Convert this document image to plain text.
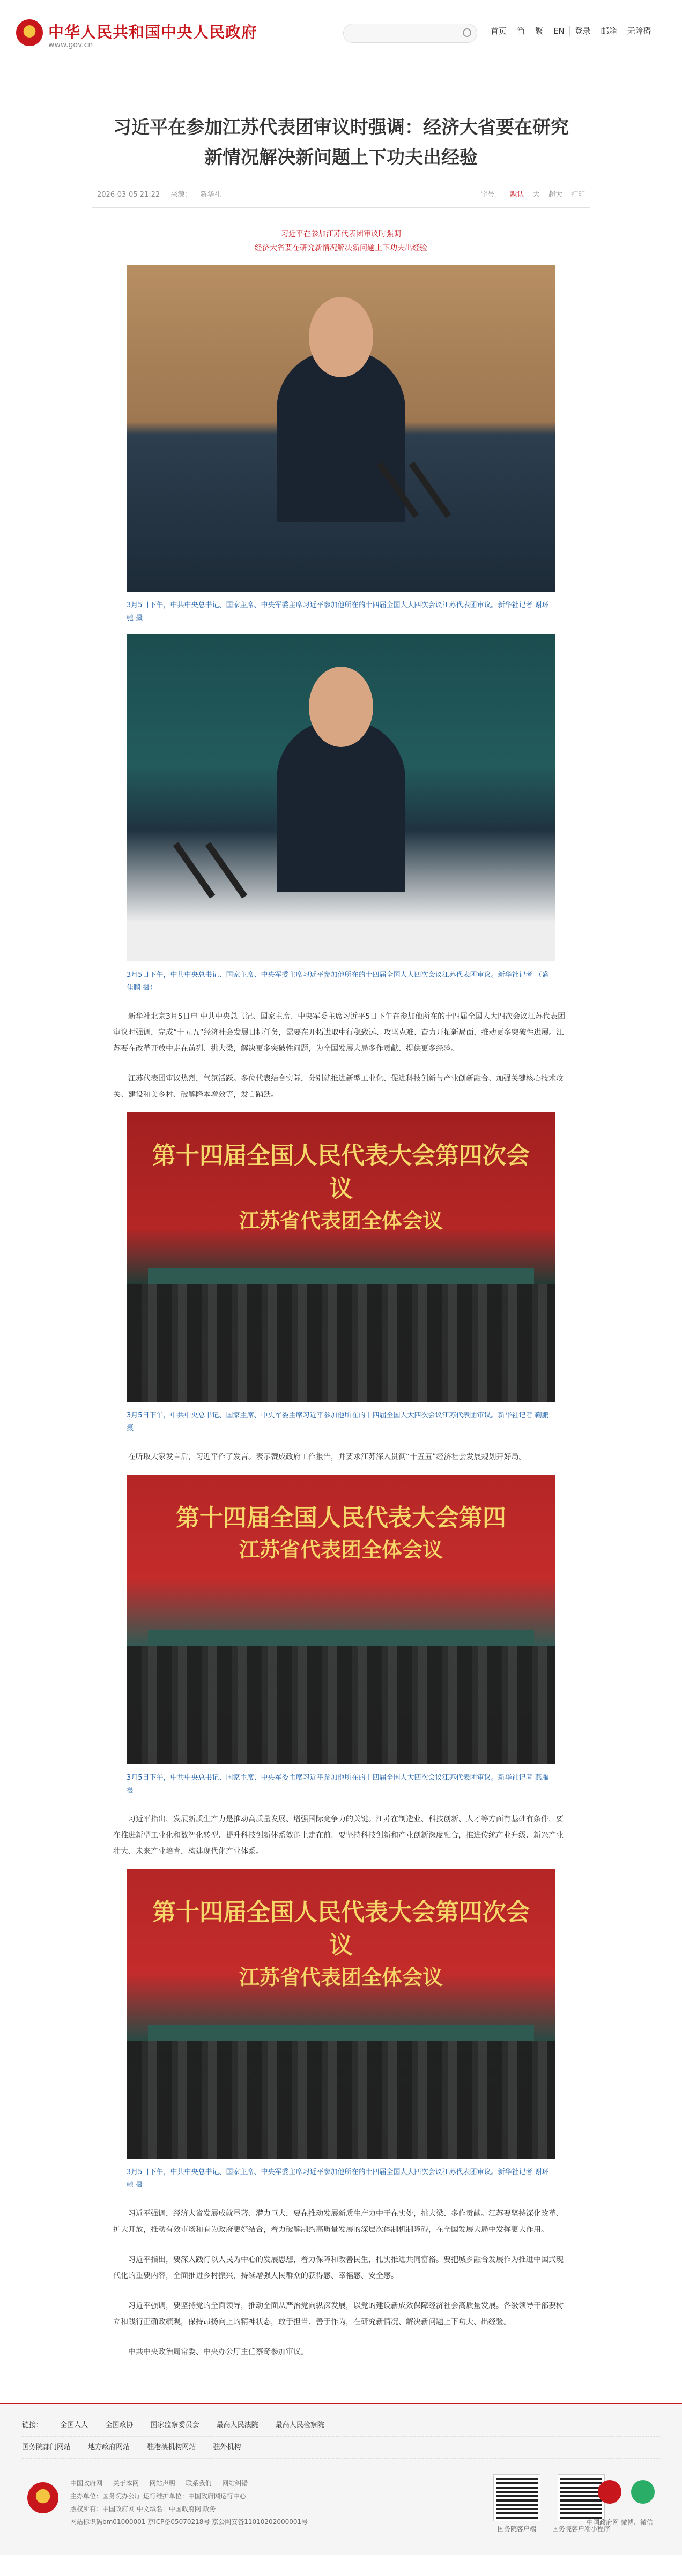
中华人民共和国中央人民政府
www.gov.cn
首页	简	繁	EN	登录	邮箱	无障碍
习近平在参加江苏代表团审议时强调：经济大省要在研究新情况解决新问题上下功夫出经验
2026-03-05 21:22 来源： 新华社	字号： 默认 大 超大 打印
习近平在参加江苏代表团审议时强调
经济大省要在研究新情况解决新问题上下功夫出经验
3月5日下午，中共中央总书记、国家主席、中央军委主席习近平参加他所在的十四届全国人大四次会议江苏代表团审议。新华社记者 谢环驰 摄
3月5日下午，中共中央总书记、国家主席、中央军委主席习近平参加他所在的十四届全国人大四次会议江苏代表团审议。新华社记者 （盛佳鹏 摄）

新华社北京3月5日电 中共中央总书记、国家主席、中央军委主席习近平5日下午在参加他所在的十四届全国人大四次会议江苏代表团审议时强调，完成“十五五”经济社会发展目标任务，需要在开拓进取中行稳致远、攻坚克难、奋力开拓新局面，推动更多突破性进展。江苏要在改革开放中走在前列、挑大梁，解决更多突破性问题，为全国发展大局多作贡献、提供更多经验。

江苏代表团审议热烈，气氛活跃。多位代表结合实际，分别就推进新型工业化、促进科技创新与产业创新融合、加强关键核心技术攻关、建设和美乡村、破解降本增效等，发言踊跃。

第十四届全国人民代表大会第四次会议
江苏省代表团全体会议
3月5日下午，中共中央总书记、国家主席、中央军委主席习近平参加他所在的十四届全国人大四次会议江苏代表团审议。新华社记者 鞠鹏 摄

在听取大家发言后，习近平作了发言。表示赞成政府工作报告，并要求江苏深入贯彻“十五五”经济社会发展规划开好局。

第十四届全国人民代表大会第四
江苏省代表团全体会议
3月5日下午，中共中央总书记、国家主席、中央军委主席习近平参加他所在的十四届全国人大四次会议江苏代表团审议。新华社记者 燕雁 摄

习近平指出，发展新质生产力是推动高质量发展、增强国际竞争力的关键。江苏在制造业、科技创新、人才等方面有基础有条件，要在推进新型工业化和数智化转型、提升科技创新体系效能上走在前。要坚持科技创新和产业创新深度融合，推进传统产业升级、新兴产业壮大、未来产业培育，构建现代化产业体系。

第十四届全国人民代表大会第四次会议
江苏省代表团全体会议
3月5日下午，中共中央总书记、国家主席、中央军委主席习近平参加他所在的十四届全国人大四次会议江苏代表团审议。新华社记者 谢环驰 摄

习近平强调，经济大省发展成就显著、潜力巨大，要在推动发展新质生产力中干在实处，挑大梁、多作贡献。江苏要坚持深化改革、扩大开放，推动有效市场和有为政府更好结合，着力破解制约高质量发展的深层次体制机制障碍，在全国发展大局中发挥更大作用。

习近平指出，要深入践行以人民为中心的发展思想，着力保障和改善民生，扎实推进共同富裕。要把城乡融合发展作为推进中国式现代化的重要内容，全面推进乡村振兴，持续增强人民群众的获得感、幸福感、安全感。

习近平强调，要坚持党的全面领导，推动全面从严治党向纵深发展，以党的建设新成效保障经济社会高质量发展。各级领导干部要树立和践行正确政绩观，保持昂扬向上的精神状态，敢于担当、善于作为，在研究新情况、解决新问题上下功夫、出经验。

中共中央政治局常委、中央办公厅主任蔡奇参加审议。

链接： 全国人大 全国政协 国家监察委员会 最高人民法院 最高人民检察院
国务院部门网站 地方政府网站 驻港澳机构网站 驻外机构
中国政府网 关于本网 网站声明 联系我们 网站纠错
主办单位：国务院办公厅 运行维护单位：中国政府网运行中心
版权所有：中国政府网 中文域名：中国政府网.政务
网站标识码bm01000001 京ICP备05070218号 京公网安备11010202000001号
国务院客户端	国务院客户端小程序
中国政府网 微博、微信
